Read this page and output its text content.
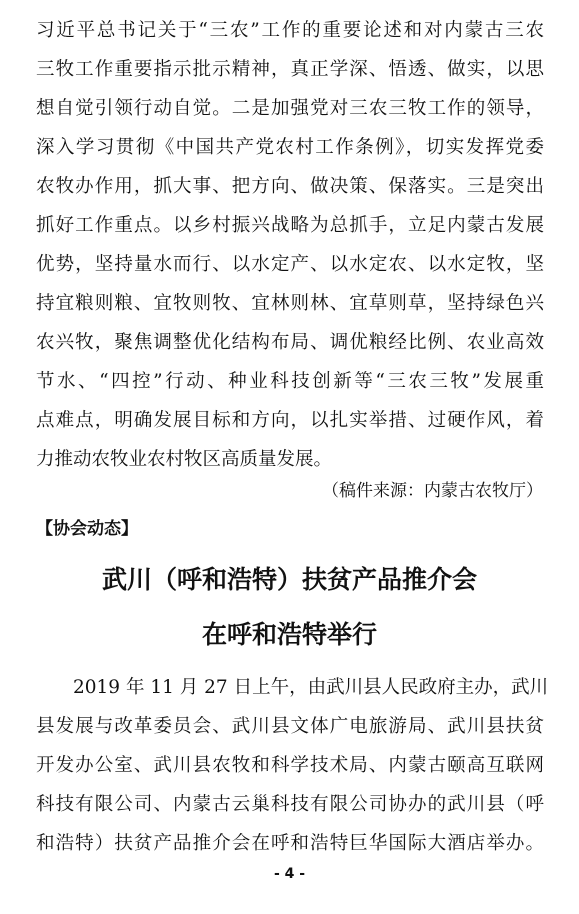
习近平总书记关于“三农”工作的重要论述和对内蒙古三农
三牧工作重要指示批示精神，真正学深、悟透、做实，以思
想自觉引领行动自觉。二是加强党对三农三牧工作的领导，
深入学习贯彻《中国共产党农村工作条例》，切实发挥党委
农牧办作用，抓大事、把方向、做决策、保落实。三是突出
抓好工作重点。以乡村振兴战略为总抓手，立足内蒙古发展
优势，坚持量水而行、以水定产、以水定农、以水定牧，坚
持宜粮则粮、宜牧则牧、宜林则林、宜草则草，坚持绿色兴
农兴牧，聚焦调整优化结构布局、调优粮经比例、农业高效
节水、“四控”行动、种业科技创新等“三农三牧”发展重
点难点，明确发展目标和方向，以扎实举措、过硬作风，着
力推动农牧业农村牧区高质量发展。
（稿件来源：内蒙古农牧厅）
【协会动态】
武川（呼和浩特）扶贫产品推介会
在呼和浩特举行
2019 年 11 月 27 日上午，由武川县人民政府主办，武川
县发展与改革委员会、武川县文体广电旅游局、武川县扶贫
开发办公室、武川县农牧和科学技术局、内蒙古颐高互联网
科技有限公司、内蒙古云巢科技有限公司协办的武川县（呼
和浩特）扶贫产品推介会在呼和浩特巨华国际大酒店举办。
- 4 -
